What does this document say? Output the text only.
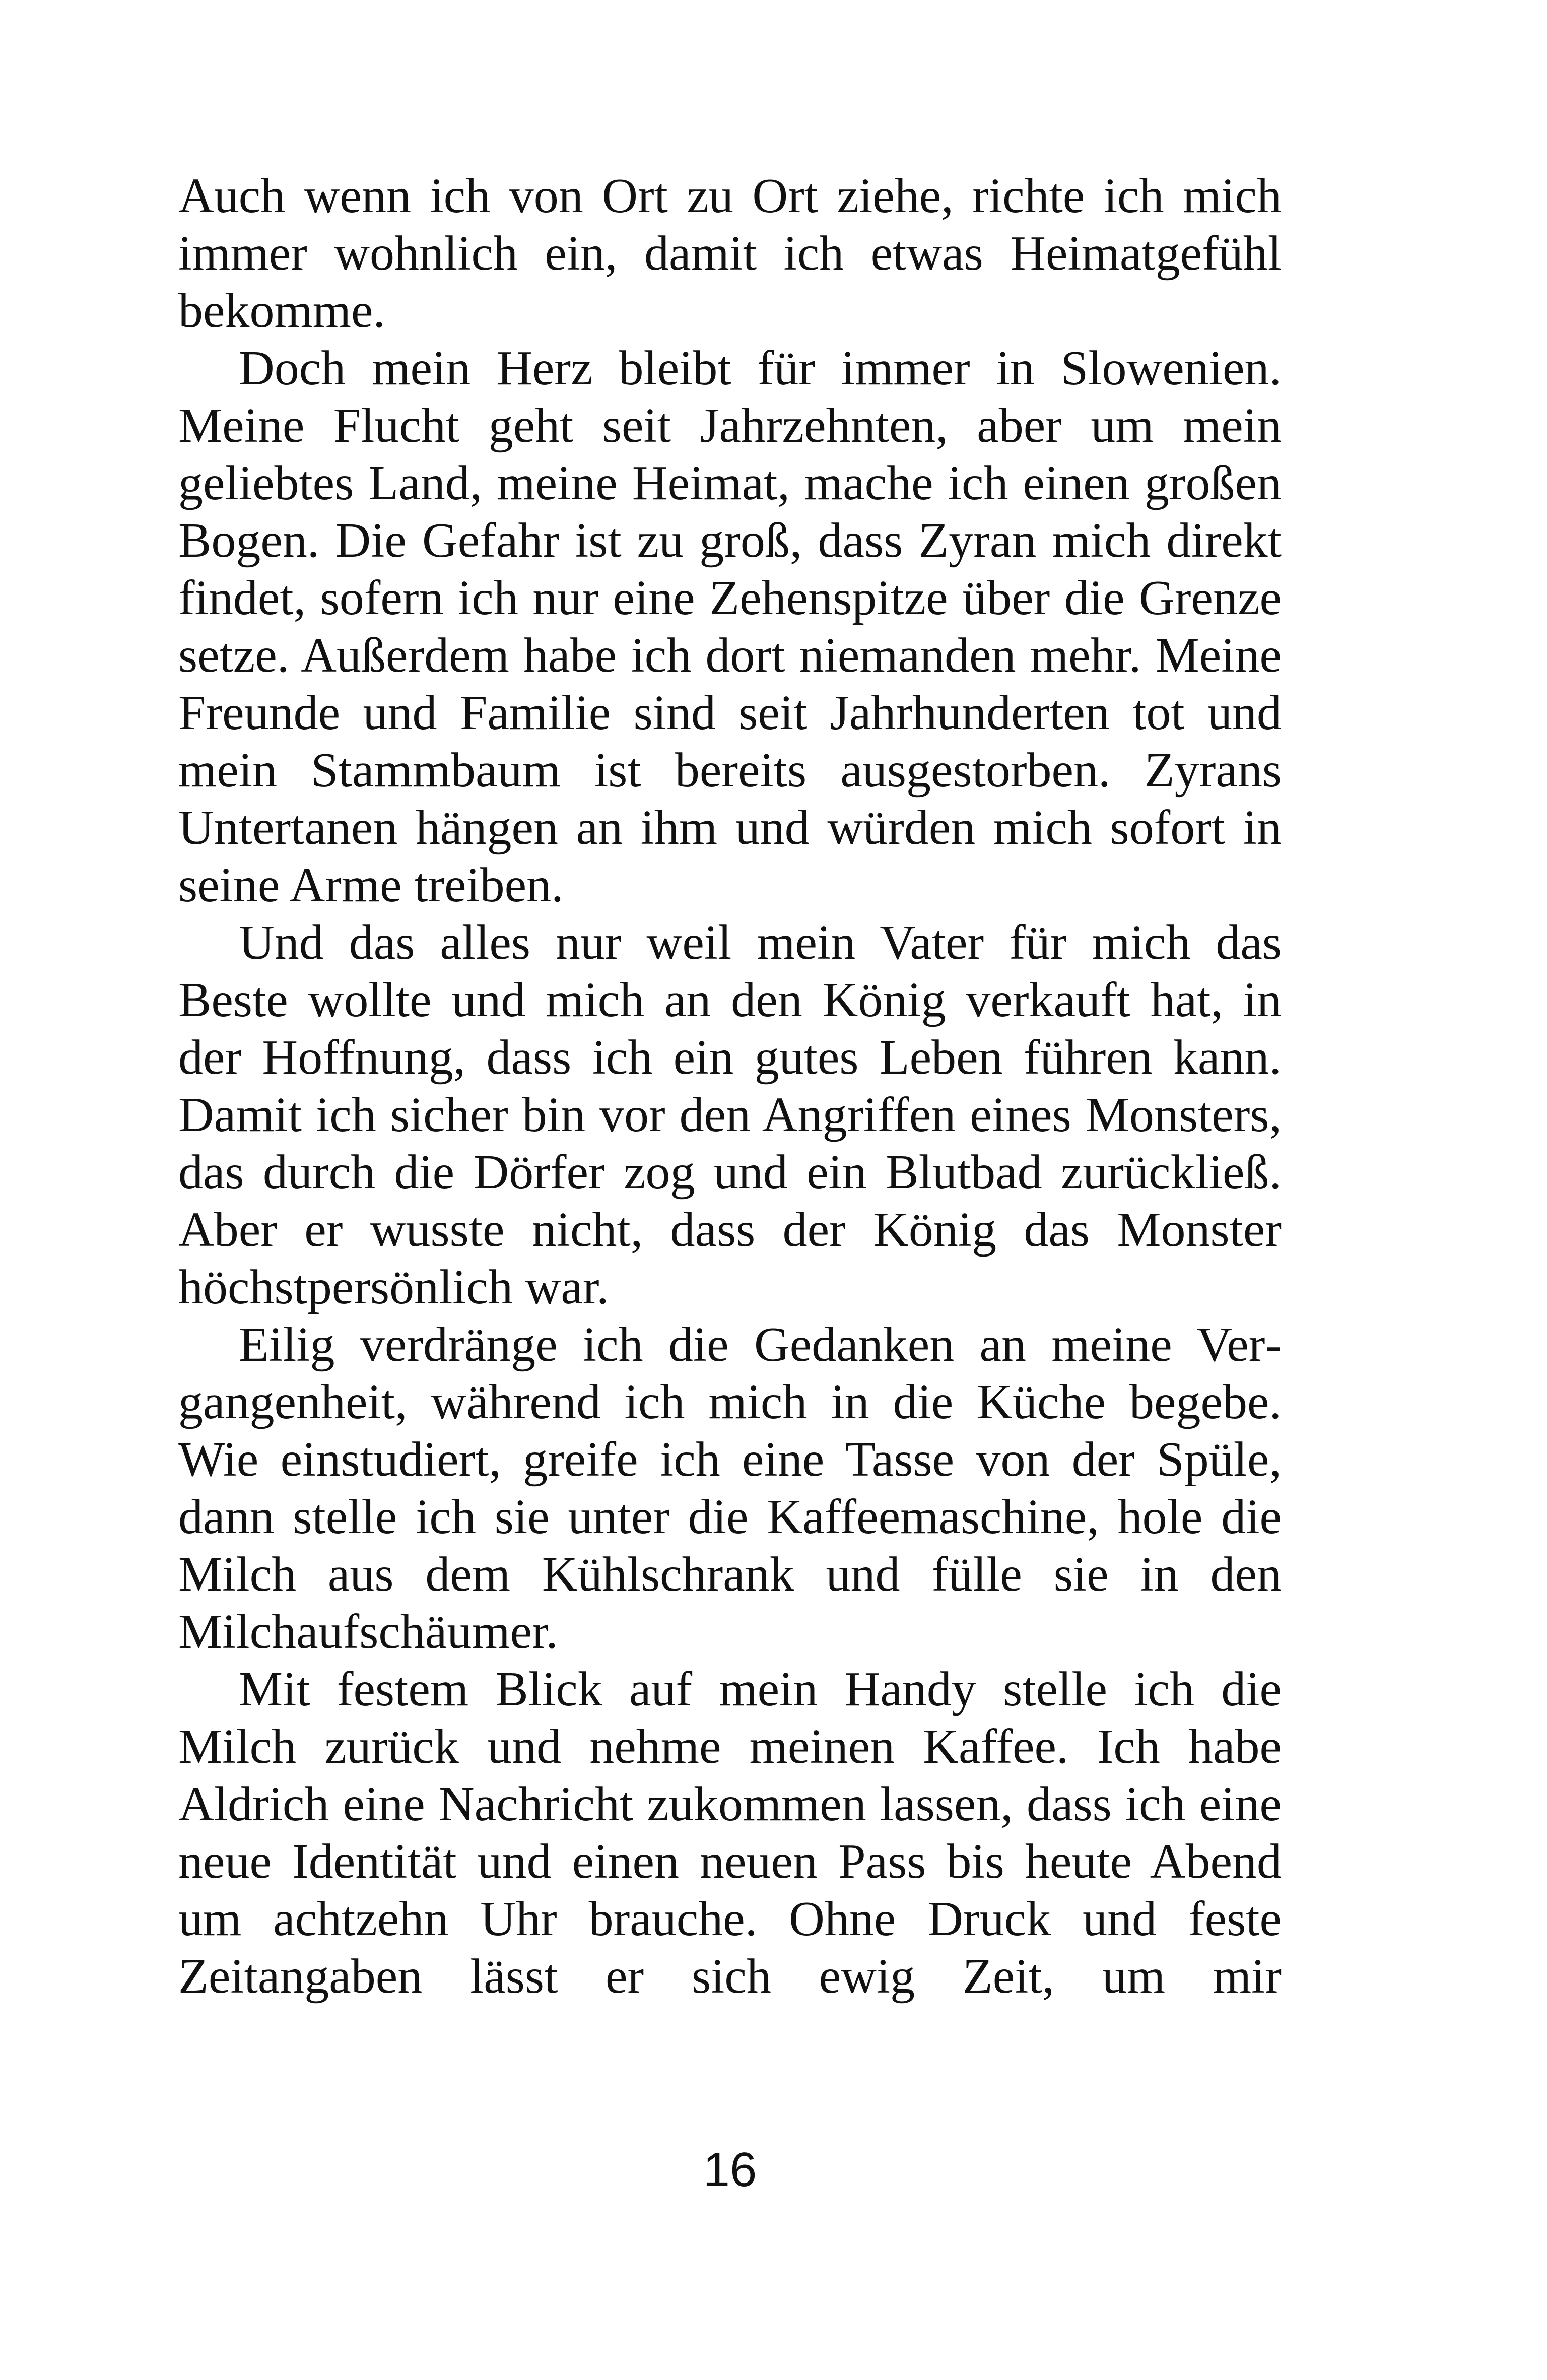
Auch wenn ich von Ort zu Ort ziehe, richte ich mich immer wohnlich ein, damit ich etwas Heimatgefühl bekomme.

Doch mein Herz bleibt für immer in Slowenien. Meine Flucht geht seit Jahrzehnten, aber um mein geliebtes Land, meine Heimat, mache ich einen großen Bogen. Die Gefahr ist zu groß, dass Zyran mich direkt findet, sofern ich nur eine Zehenspitze über die Grenze setze. Außerdem habe ich dort niemanden mehr. Meine Freunde und Familie sind seit Jahrhunderten tot und mein Stammbaum ist bereits ausgestorben. Zyrans Untertanen hängen an ihm und würden mich sofort in seine Arme treiben.

Und das alles nur weil mein Vater für mich das Beste wollte und mich an den König verkauft hat, in der Hoffnung, dass ich ein gutes Leben führen kann. Damit ich sicher bin vor den Angriffen eines Monsters, das durch die Dörfer zog und ein Blutbad zurückließ. Aber er wusste nicht, dass der König das Monster höchstpersönlich war.

Eilig verdränge ich die Gedanken an meine Vergangenheit, während ich mich in die Küche begebe. Wie einstudiert, greife ich eine Tasse von der Spüle, dann stelle ich sie unter die Kaffeemaschine, hole die Milch aus dem Kühlschrank und fülle sie in den Milchaufschäumer.

Mit festem Blick auf mein Handy stelle ich die Milch zurück und nehme meinen Kaffee. Ich habe Aldrich eine Nachricht zukommen lassen, dass ich eine neue Identität und einen neuen Pass bis heute Abend um achtzehn Uhr brauche. Ohne Druck und feste Zeitangaben lässt er sich ewig Zeit, um mir

16
